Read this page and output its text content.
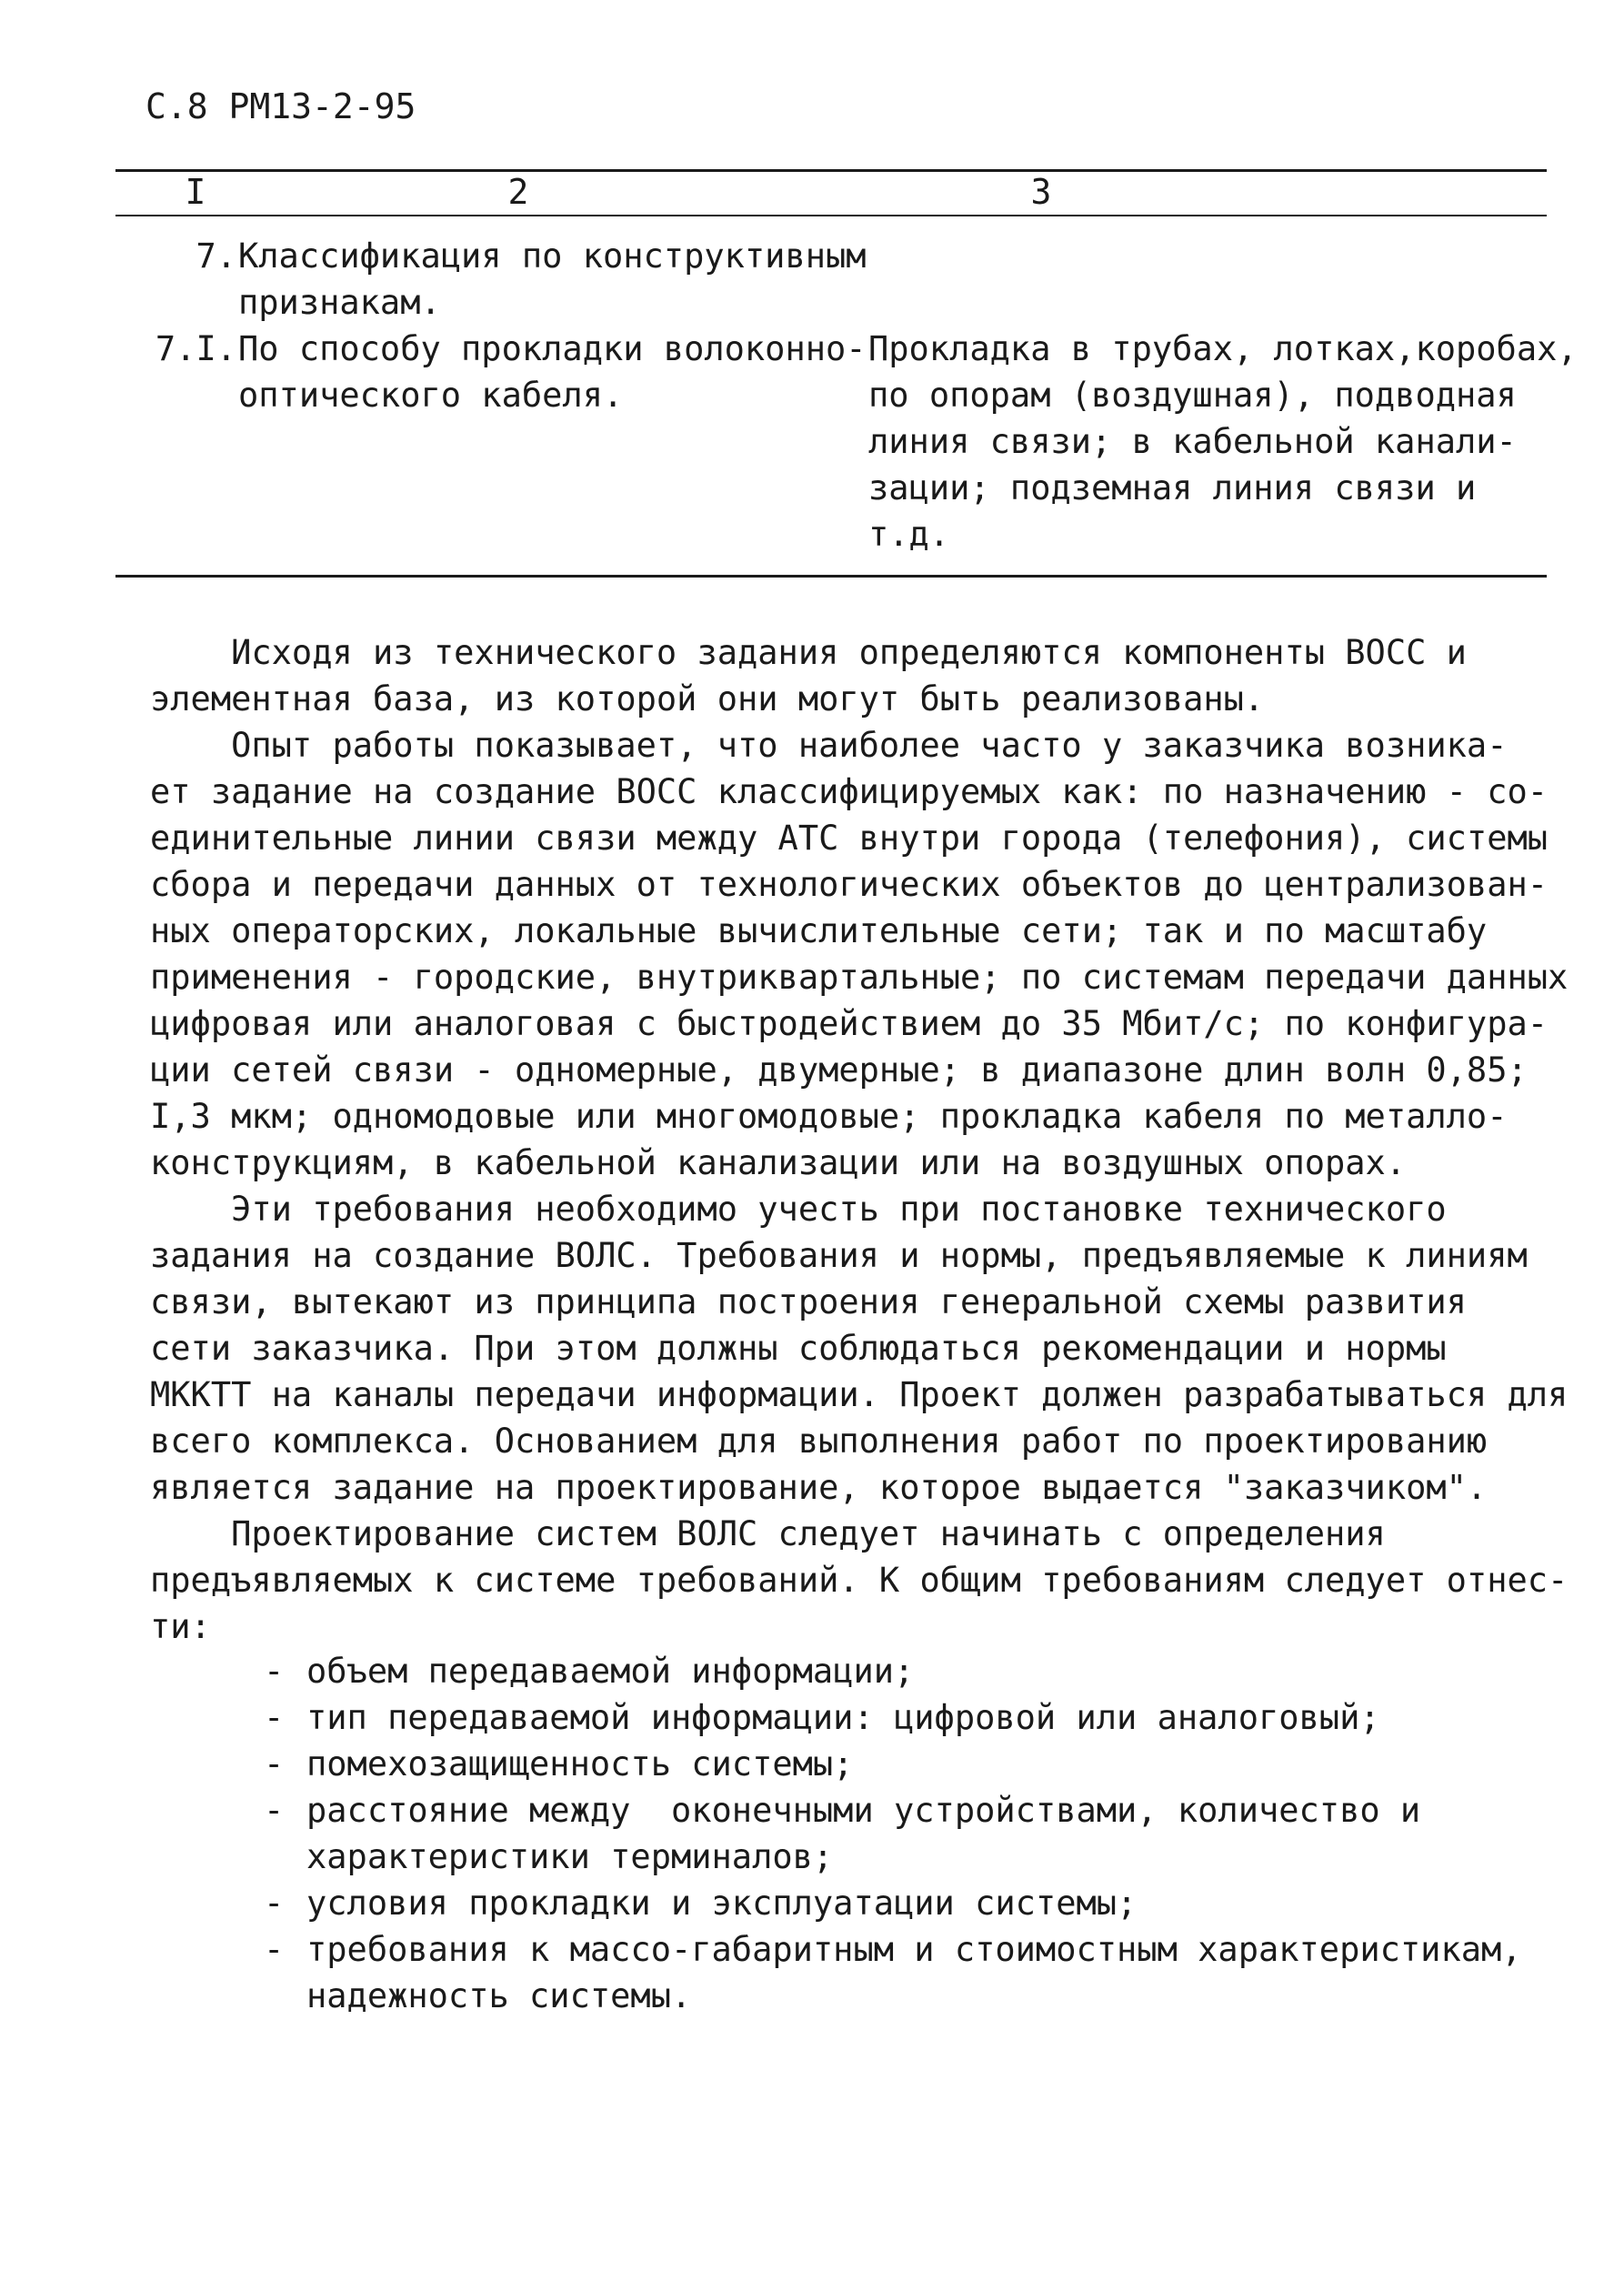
С.8 РМ13-2-95
I	2	3
7. Классификация по конструктивным
признакам.
7.I. По способу прокладки волоконно-
оптического кабеля.
Прокладка в трубах, лотках,коробах,
по опорам (воздушная), подводная
линия связи; в кабельной канали-
зации; подземная линия связи и
т.д.
Исходя из технического задания определяются компоненты ВОСС и
элементная база, из которой они могут быть реализованы.
Опыт работы показывает, что наиболее часто у заказчика возника-
ет задание на создание ВОСС классифицируемых как: по назначению - со-
единительные линии связи между АТС внутри города (телефония), системы
сбора и передачи данных от технологических объектов до централизован-
ных операторских, локальные вычислительные сети; так и по масштабу
применения - городские, внутриквартальные; по системам передачи данных
цифровая или аналоговая с быстродействием до 35 Мбит/с; по конфигура-
ции сетей связи - одномерные, двумерные; в диапазоне длин волн 0,85;
I,3 мкм; одномодовые или многомодовые; прокладка кабеля по металло-
конструкциям, в кабельной канализации или на воздушных опорах.
Эти требования необходимо учесть при постановке технического
задания на создание ВОЛС. Требования и нормы, предъявляемые к линиям
связи, вытекают из принципа построения генеральной схемы развития
сети заказчика. При этом должны соблюдаться рекомендации и нормы
МККТТ на каналы передачи информации. Проект должен разрабатываться для
всего комплекса. Основанием для выполнения работ по проектированию
является задание на проектирование, которое выдается "заказчиком".
Проектирование систем ВОЛС следует начинать с определения
предъявляемых к системе требований. К общим требованиям следует отнес-
ти:
- объем передаваемой информации;
- тип передаваемой информации: цифровой или аналоговый;
- помехозащищенность системы;
- расстояние между  оконечными устройствами, количество и
характеристики терминалов;
- условия прокладки и эксплуатации системы;
- требования к массо-габаритным и стоимостным характеристикам,
надежность системы.
